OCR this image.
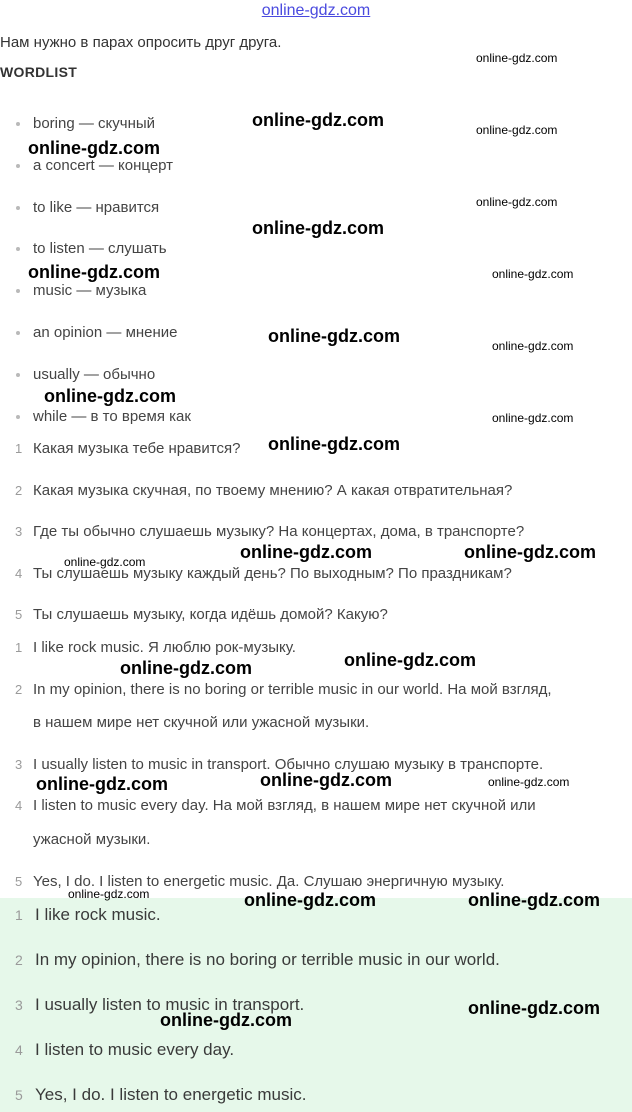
online-gdz.com
Нам нужно в парах опросить друг друга.
WORDLIST
boring — скучный
a concert — концерт
to like — нравится
to listen — слушать
music — музыка
an opinion — мнение
usually — обычно
while — в то время как
1 Какая музыка тебе нравится?
2 Какая музыка скучная, по твоему мнению? А какая отвратительная?
3 Где ты обычно слушаешь музыку? На концертах, дома, в транспорте?
4 Ты слушаешь музыку каждый день? По выходным? По праздникам?
5 Ты слушаешь музыку, когда идёшь домой? Какую?
1 I like rock music. Я люблю рок-музыку.
2 In my opinion, there is no boring or terrible music in our world. На мой взгляд,
в нашем мире нет скучной или ужасной музыки.
3 I usually listen to music in transport. Обычно слушаю музыку в транспорте.
4 I listen to music every day. На мой взгляд, в нашем мире нет скучной или
ужасной музыки.
5 Yes, I do. I listen to energetic music. Да. Слушаю энергичную музыку.
1 I like rock music.
2 In my opinion, there is no boring or terrible music in our world.
3 I usually listen to music in transport.
4 I listen to music every day.
5 Yes, I do. I listen to energetic music.
online-gdz.com
online-gdz.com
online-gdz.com
online-gdz.com
online-gdz.com
online-gdz.com
online-gdz.com
online-gdz.com	online-gdz.com
online-gdz.com
online-gdz.com
online-gdz.com
online-gdz.com
online-gdz.com	online-gdz.com
online-gdz.com
online-gdz.com
online-gdz.com
online-gdz.com
online-gdz.com
online-gdz.com
online-gdz.com
online-gdz.com
online-gdz.com
online-gdz.com
online-gdz.com
